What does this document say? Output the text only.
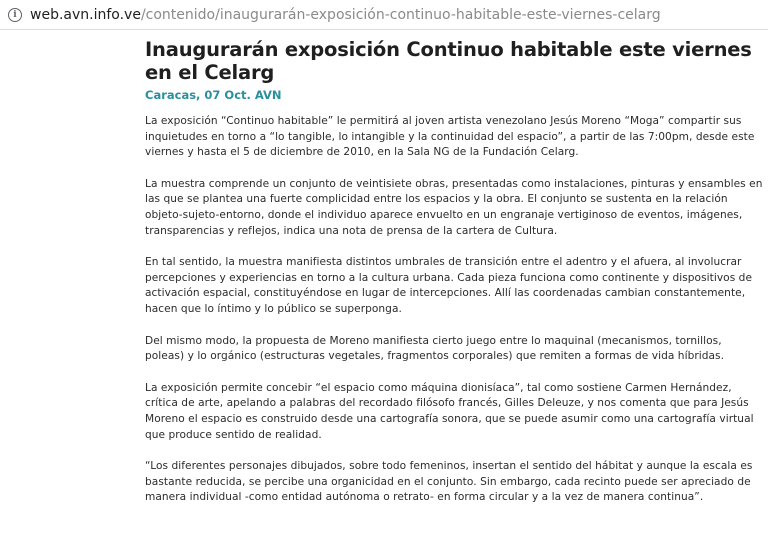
i web.avn.info.ve/contenido/inaugurarán-exposición-continuo-habitable-este-viernes-celarg
Inaugurarán exposición Continuo habitable este viernes en el Celarg
Caracas, 07 Oct. AVN

La exposición “Continuo habitable” le permitirá al joven artista venezolano Jesús Moreno “Moga” compartir sus inquietudes en torno a “lo tangible, lo intangible y la continuidad del espacio”, a partir de las 7:00pm, desde este viernes y hasta el 5 de diciembre de 2010, en la Sala NG de la Fundación Celarg.

La muestra comprende un conjunto de veintisiete obras, presentadas como instalaciones, pinturas y ensambles en las que se plantea una fuerte complicidad entre los espacios y la obra. El conjunto se sustenta en la relación objeto-sujeto-entorno, donde el individuo aparece envuelto en un engranaje vertiginoso de eventos, imágenes, transparencias y reflejos, indica una nota de prensa de la cartera de Cultura.

En tal sentido, la muestra manifiesta distintos umbrales de transición entre el adentro y el afuera, al involucrar percepciones y experiencias en torno a la cultura urbana. Cada pieza funciona como continente y dispositivos de activación espacial, constituyéndose en lugar de intercepciones. Allí las coordenadas cambian constantemente, hacen que lo íntimo y lo público se superponga.

Del mismo modo, la propuesta de Moreno manifiesta cierto juego entre lo maquinal (mecanismos, tornillos, poleas) y lo orgánico (estructuras vegetales, fragmentos corporales) que remiten a formas de vida híbridas.

La exposición permite concebir “el espacio como máquina dionisíaca”, tal como sostiene Carmen Hernández, crítica de arte, apelando a palabras del recordado filósofo francés, Gilles Deleuze, y nos comenta que para Jesús Moreno el espacio es construido desde una cartografía sonora, que se puede asumir como una cartografía virtual que produce sentido de realidad.

“Los diferentes personajes dibujados, sobre todo femeninos, insertan el sentido del hábitat y aunque la escala es bastante reducida, se percibe una organicidad en el conjunto. Sin embargo, cada recinto puede ser apreciado de manera individual -como entidad autónoma o retrato- en forma circular y a la vez de manera continua”.
